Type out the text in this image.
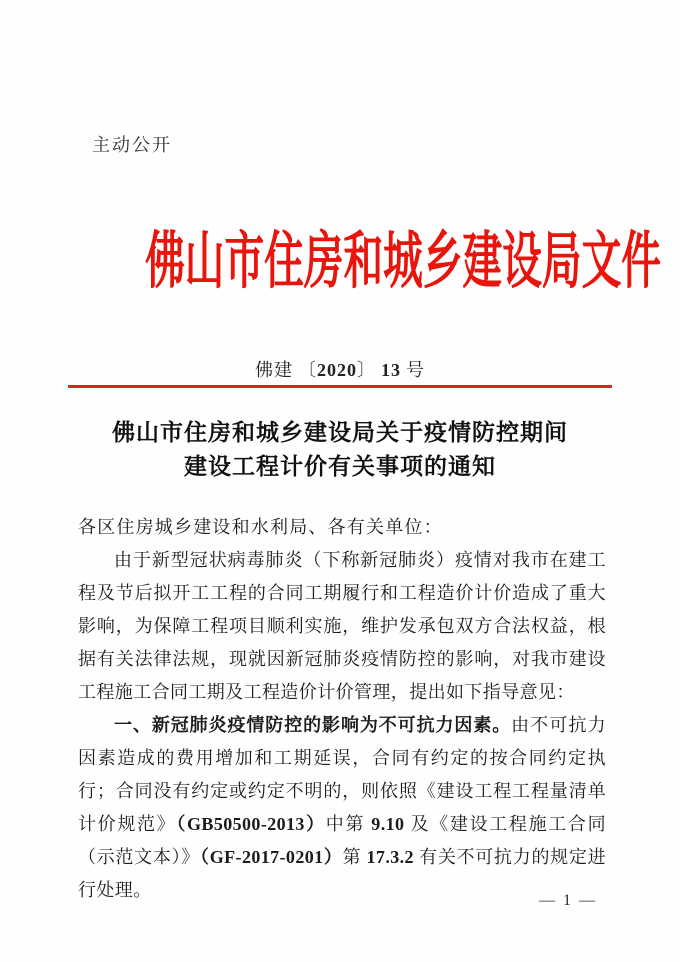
主动公开
佛山市住房和城乡建设局文件
佛建 〔2020〕 13 号
佛山市住房和城乡建设局关于疫情防控期间
建设工程计价有关事项的通知

各区住房城乡建设和水利局、各有关单位：

由于新型冠状病毒肺炎（下称新冠肺炎）疫情对我市在建工程及节后拟开工工程的合同工期履行和工程造价计价造成了重大影响，为保障工程项目顺利实施，维护发承包双方合法权益，根据有关法律法规，现就因新冠肺炎疫情防控的影响，对我市建设工程施工合同工期及工程造价计价管理，提出如下指导意见：

一、新冠肺炎疫情防控的影响为不可抗力因素。由不可抗力因素造成的费用增加和工期延误，合同有约定的按合同约定执行；合同没有约定或约定不明的，则依照《建设工程工程量清单计价规范》（GB50500-2013）中第 9.10 及《建设工程施工合同（示范文本）》（GF-2017-0201）第 17.3.2 有关不可抗力的规定进行处理。

— 1 —
